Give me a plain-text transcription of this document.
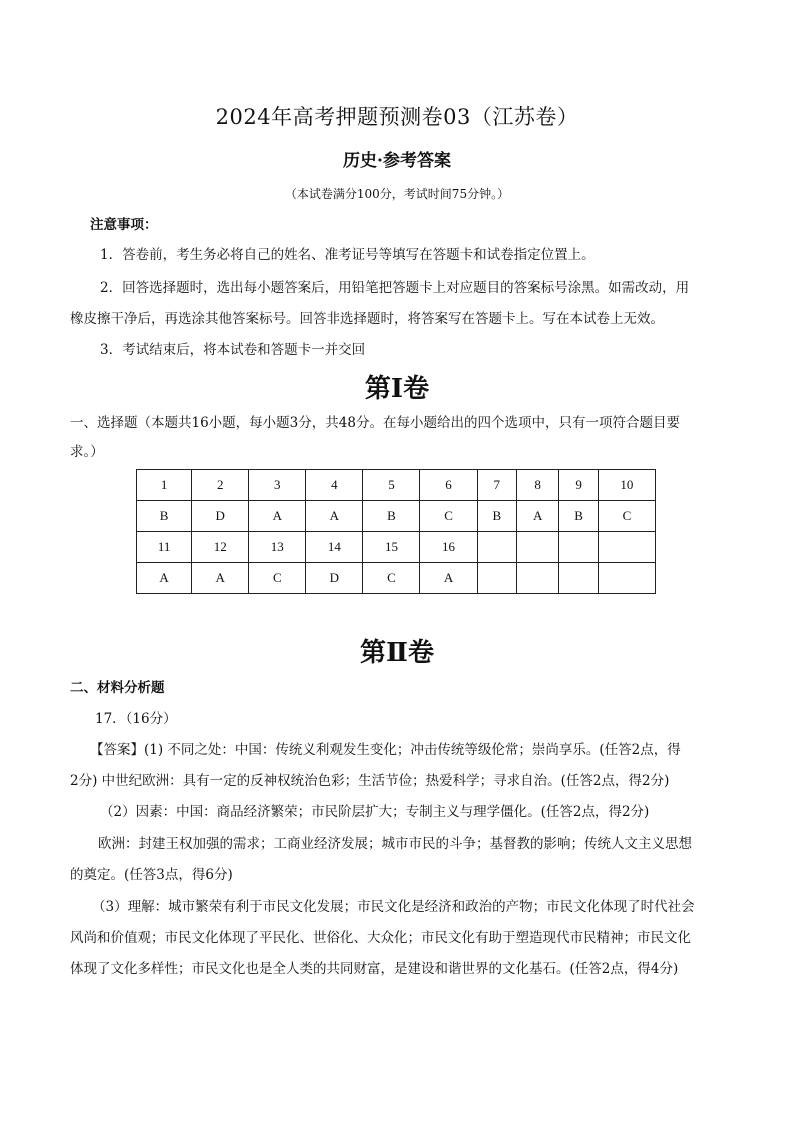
2024年高考押题预测卷03（江苏卷）
历史·参考答案
（本试卷满分100分，考试时间75分钟。）
注意事项：
1．答卷前，考生务必将自己的姓名、准考证号等填写在答题卡和试卷指定位置上。
2．回答选择题时，选出每小题答案后，用铅笔把答题卡上对应题目的答案标号涂黑。如需改动，用
橡皮擦干净后，再选涂其他答案标号。回答非选择题时，将答案写在答题卡上。写在本试卷上无效。
3．考试结束后，将本试卷和答题卡一并交回
第Ⅰ卷
一、选择题（本题共16小题，每小题3分，共48分。在每小题给出的四个选项中，只有一项符合题目要
求。）
1	2	3	4	5	6	7	8	9	10
B	D	A	A	B	C	B	A	B	C
11	12	13	14	15	16				
A	A	C	D	C	A				
第Ⅱ卷
二、材料分析题
17．（16分）
【答案】(1) 不同之处：中国：传统义利观发生变化；冲击传统等级伦常；崇尚享乐。(任答2点，得
2分) 中世纪欧洲：具有一定的反神权统治色彩；生活节俭；热爱科学；寻求自治。(任答2点，得2分)
（2）因素：中国：商品经济繁荣；市民阶层扩大；专制主义与理学僵化。(任答2点，得2分)
欧洲：封建王权加强的需求；工商业经济发展；城市市民的斗争；基督教的影响；传统人文主义思想
的奠定。(任答3点，得6分)
（3）理解：城市繁荣有利于市民文化发展；市民文化是经济和政治的产物；市民文化体现了时代社会
风尚和价值观；市民文化体现了平民化、世俗化、大众化；市民文化有助于塑造现代市民精神；市民文化
体现了文化多样性；市民文化也是全人类的共同财富，是建设和谐世界的文化基石。(任答2点，得4分)
